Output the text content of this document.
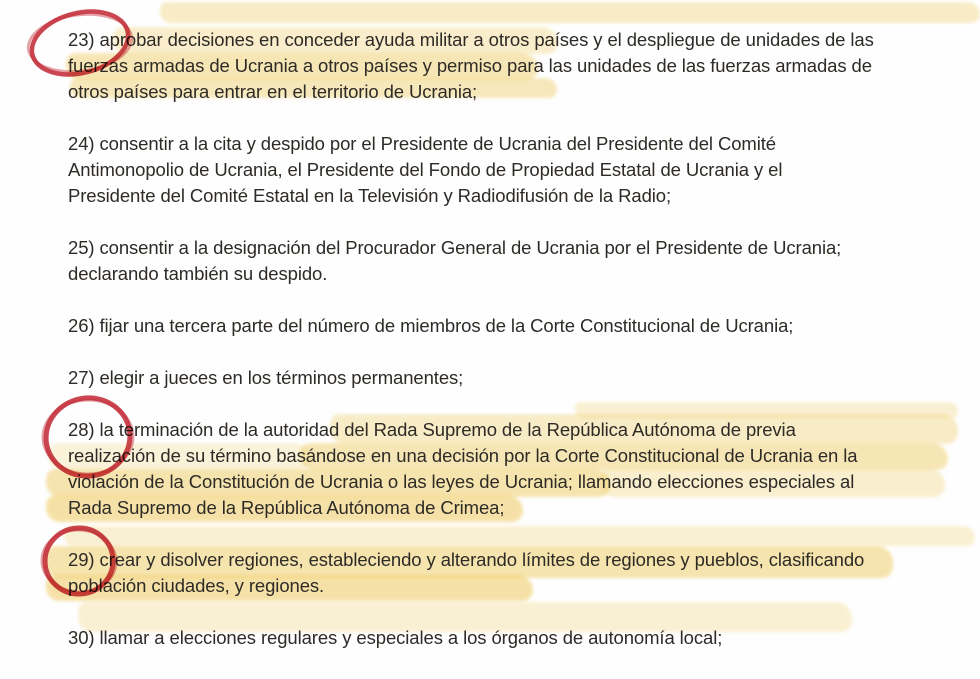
23) aprobar decisiones en conceder ayuda militar a otros países y el despliegue de unidades de las
fuerzas armadas de Ucrania a otros países y permiso para las unidades de las fuerzas armadas de
otros países para entrar en el territorio de Ucrania;
24) consentir a la cita y despido por el Presidente de Ucrania del Presidente del Comité
Antimonopolio de Ucrania, el Presidente del Fondo de Propiedad Estatal de Ucrania y el
Presidente del Comité Estatal en la Televisión y Radiodifusión de la Radio;
25) consentir a la designación del Procurador General de Ucrania por el Presidente de Ucrania;
declarando también su despido.
26) fijar una tercera parte del número de miembros de la Corte Constitucional de Ucrania;
27) elegir a jueces en los términos permanentes;
28) la terminación de la autoridad del Rada Supremo de la República Autónoma de previa
realización de su término basándose en una decisión por la Corte Constitucional de Ucrania en la
violación de la Constitución de Ucrania o las leyes de Ucrania; llamando elecciones especiales al
Rada Supremo de la República Autónoma de Crimea;
29) crear y disolver regiones, estableciendo y alterando límites de regiones y pueblos, clasificando
población ciudades, y regiones.
30) llamar a elecciones regulares y especiales a los órganos de autonomía local;
